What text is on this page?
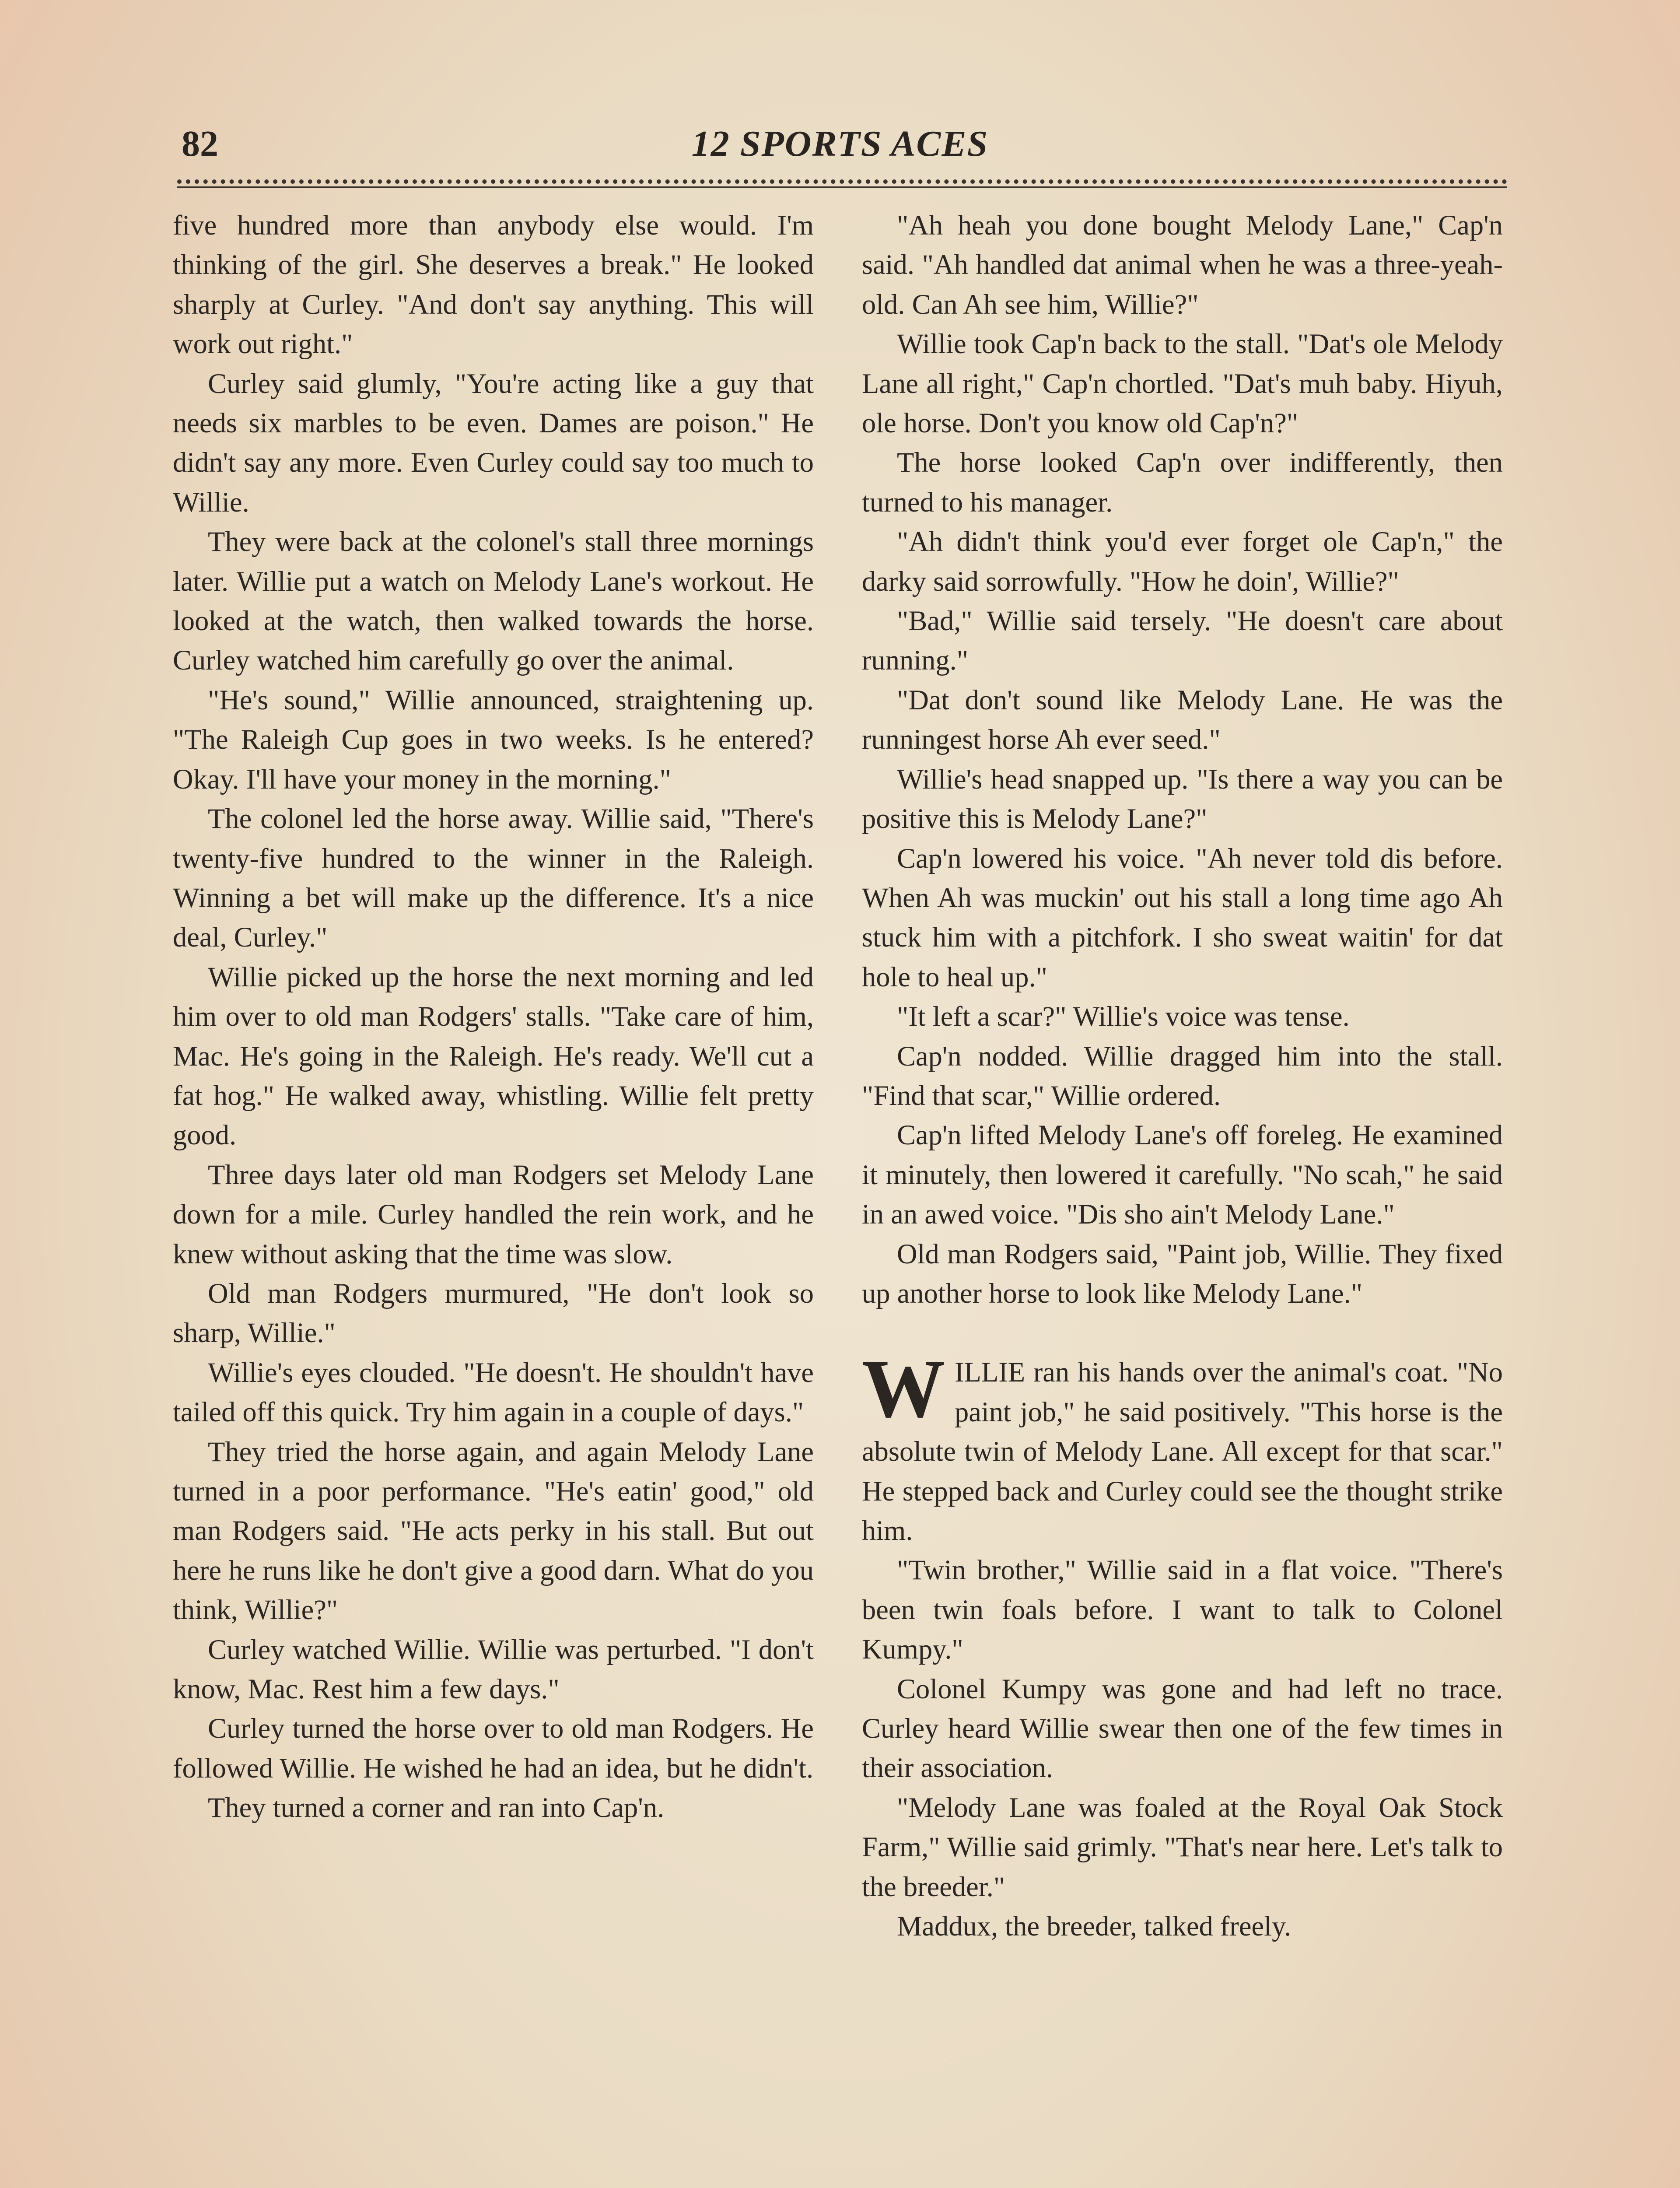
82	12 SPORTS ACES

five hundred more than anybody else would. I'm thinking of the girl. She deserves a break." He looked sharply at Curley. "And don't say anything. This will work out right."

Curley said glumly, "You're acting like a guy that needs six marbles to be even. Dames are poison." He didn't say any more. Even Curley could say too much to Willie.

They were back at the colonel's stall three mornings later. Willie put a watch on Melody Lane's workout. He looked at the watch, then walked towards the horse. Curley watched him carefully go over the animal.

"He's sound," Willie announced, straightening up. "The Raleigh Cup goes in two weeks. Is he entered? Okay. I'll have your money in the morning."

The colonel led the horse away. Willie said, "There's twenty-five hundred to the winner in the Raleigh. Winning a bet will make up the difference. It's a nice deal, Curley."

Willie picked up the horse the next morning and led him over to old man Rodgers' stalls. "Take care of him, Mac. He's going in the Raleigh. He's ready. We'll cut a fat hog." He walked away, whistling. Willie felt pretty good.

Three days later old man Rodgers set Melody Lane down for a mile. Curley handled the rein work, and he knew without asking that the time was slow.

Old man Rodgers murmured, "He don't look so sharp, Willie."

Willie's eyes clouded. "He doesn't. He shouldn't have tailed off this quick. Try him again in a couple of days."

They tried the horse again, and again Melody Lane turned in a poor performance. "He's eatin' good," old man Rodgers said. "He acts perky in his stall. But out here he runs like he don't give a good darn. What do you think, Willie?"

Curley watched Willie. Willie was perturbed. "I don't know, Mac. Rest him a few days."

Curley turned the horse over to old man Rodgers. He followed Willie. He wished he had an idea, but he didn't.

They turned a corner and ran into Cap'n.

"Ah heah you done bought Melody Lane," Cap'n said. "Ah handled dat animal when he was a three-yeah-old. Can Ah see him, Willie?"

Willie took Cap'n back to the stall. "Dat's ole Melody Lane all right," Cap'n chortled. "Dat's muh baby. Hiyuh, ole horse. Don't you know old Cap'n?"

The horse looked Cap'n over indifferently, then turned to his manager.

"Ah didn't think you'd ever forget ole Cap'n," the darky said sorrowfully. "How he doin', Willie?"

"Bad," Willie said tersely. "He doesn't care about running."

"Dat don't sound like Melody Lane. He was the runningest horse Ah ever seed."

Willie's head snapped up. "Is there a way you can be positive this is Melody Lane?"

Cap'n lowered his voice. "Ah never told dis before. When Ah was muckin' out his stall a long time ago Ah stuck him with a pitchfork. I sho sweat waitin' for dat hole to heal up."

"It left a scar?" Willie's voice was tense.

Cap'n nodded. Willie dragged him into the stall. "Find that scar," Willie ordered.

Cap'n lifted Melody Lane's off foreleg. He examined it minutely, then lowered it carefully. "No scah," he said in an awed voice. "Dis sho ain't Melody Lane."

Old man Rodgers said, "Paint job, Willie. They fixed up another horse to look like Melody Lane."

WILLIE ran his hands over the animal's coat. "No paint job," he said positively. "This horse is the absolute twin of Melody Lane. All except for that scar." He stepped back and Curley could see the thought strike him.

"Twin brother," Willie said in a flat voice. "There's been twin foals before. I want to talk to Colonel Kumpy."

Colonel Kumpy was gone and had left no trace. Curley heard Willie swear then one of the few times in their association.

"Melody Lane was foaled at the Royal Oak Stock Farm," Willie said grimly. "That's near here. Let's talk to the breeder."

Maddux, the breeder, talked freely.
